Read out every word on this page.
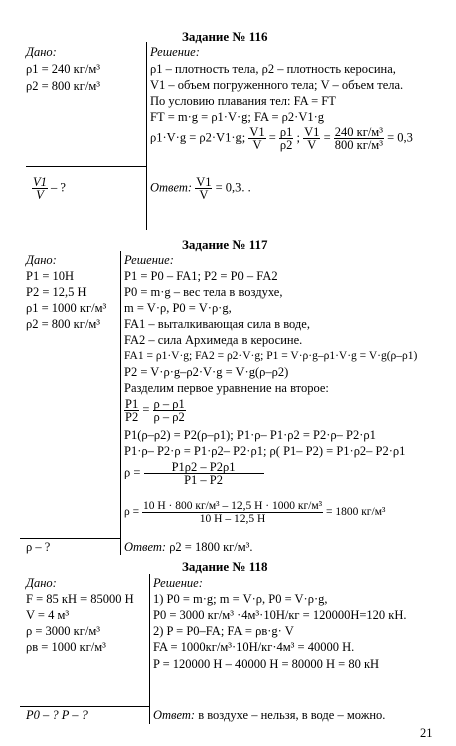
Задание № 116
Дано:
ρ1 = 240 кг/м³
ρ2 = 800 кг/м³
$\frac{V1}{V}$ – ?
Решение:
ρ1 – плотность тела, ρ2 – плотность керосина,
V1 – объем погруженного тела; V – объем тела.
По условию плавания тел: FA = FТ
FТ = m·g = ρ1·V·g; FA = ρ2·V1·g
ρ1·V·g = ρ2·V1·g; $\frac{V1}{V} = \frac{\rho 1}{\rho 2}$ ; $\frac{V1}{V} = \frac{\text{240 кг/м³}}{\text{800 кг/м³}} = 0,3$
Ответ: $\frac{V1}{V} = 0,3$. .
Задание № 117
Дано:
P1 = 10Н
P2 = 12,5 Н
ρ1 = 1000 кг/м³
ρ2 = 800 кг/м³
ρ – ?
Решение:
P1 = P0 – FA1; P2 = P0 – FA2
P0 = m·g – вес тела в воздухе,
m = V·ρ, P0 = V·ρ·g,
FA1 – выталкивающая сила в воде,
FA2 – сила Архимеда в керосине.
FA1 = ρ1·V·g; FA2 = ρ2·V·g; P1 = V·ρ·g–ρ1·V·g = V·g(ρ–ρ1)
P2 = V·ρ·g–ρ2·V·g = V·g(ρ–ρ2)
Разделим первое уравнение на второе:
$\frac{P1}{P2} = \frac{\rho - \rho 1}{\rho - \rho 2}$
P1(ρ–ρ2) = P2(ρ–ρ1); P1·ρ– P1·ρ2 = P2·ρ– P2·ρ1
P1·ρ– P2·ρ = P1·ρ2– P2·ρ1; ρ( P1– P2) = P1·ρ2– P2·ρ1
$\rho = \frac{P1\rho 2 - P2\rho 1}{P1 - P2}$
$\rho = \frac{\text{10 Н · 800 кг/м³ – 12,5 Н · 1000 кг/м³}}{10 Н - 12,5 Н} = 1800$ кг/м³
Ответ: ρ2 = 1800 кг/м³.
Задание № 118
Дано:
F = 85 кН = 85000 Н
V = 4 м³
ρ = 3000 кг/м³
ρв = 1000 кг/м³
P0 – ? P – ?
Решение:
1) P0 = m·g; m = V·ρ, P0 = V·ρ·g,
P0 = 3000 кг/м³ ·4м³·10Н/кг = 120000Н=120 кН.
2) P = P0–FA; FA = ρв·g· V
FA = 1000кг/м³·10Н/кг·4м³ = 40000 Н.
P = 120000 Н – 40000 Н = 80000 Н = 80 кН
Ответ: в воздухе – нельзя, в воде – можно.
21
